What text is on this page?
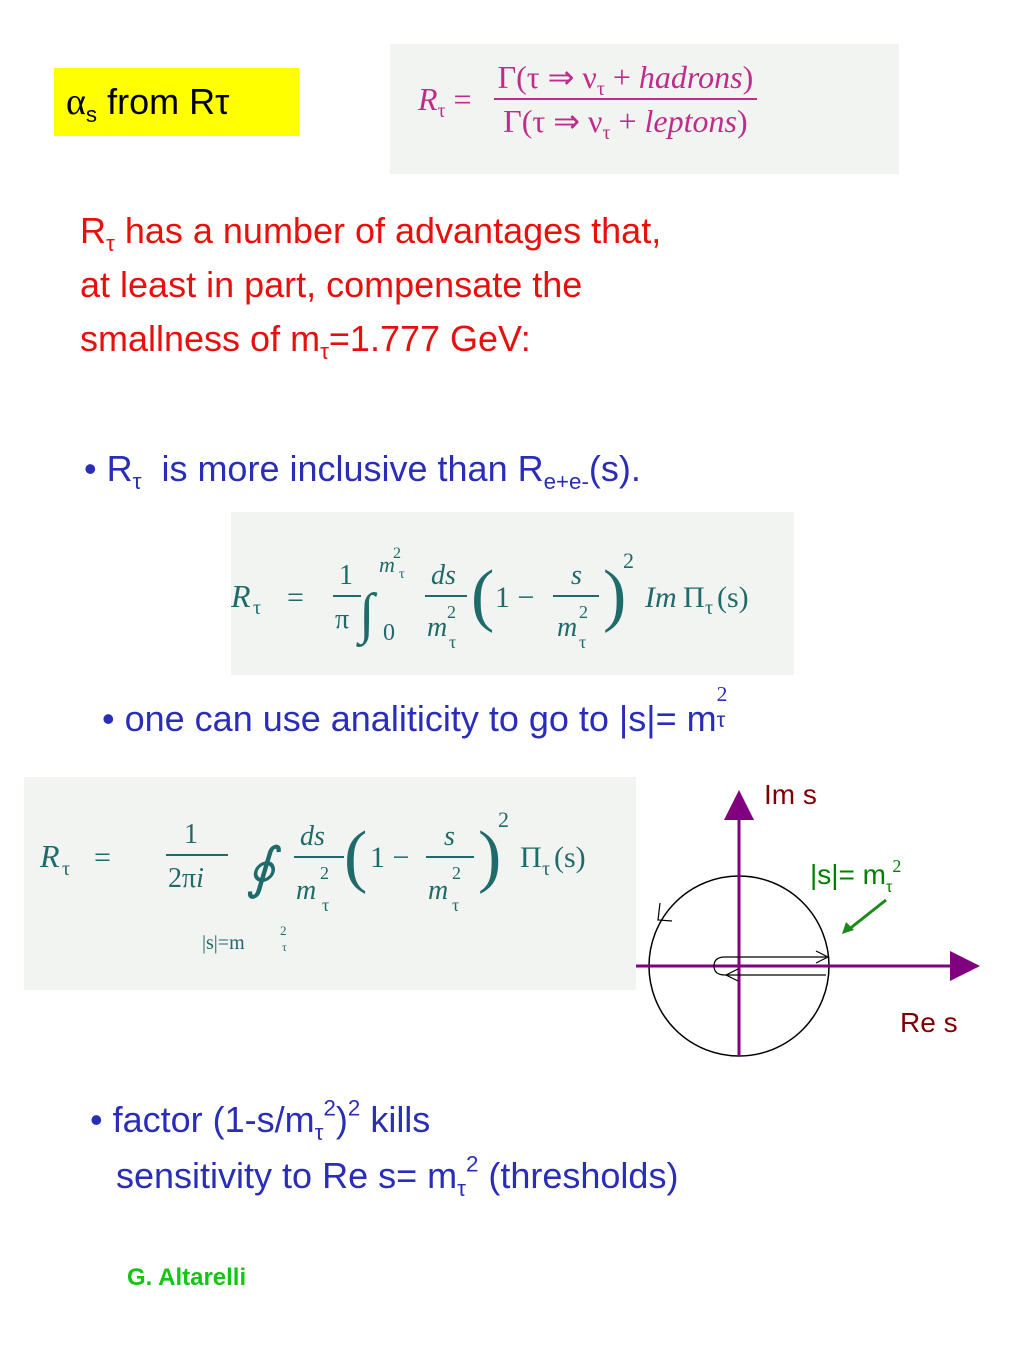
$\alpha_s$ from Rτ	$R_\tau = \frac{\Gamma(\tau \Rightarrow \nu_\tau + hadrons)}{\Gamma(\tau \Rightarrow \nu_\tau + leptons)}$
$R_\tau$ has a number of advantages that,
at least in part, compensate the
smallness of $m_\tau=1.777$ GeV:
• $R_\tau$  is more inclusive than $R_{e+e-}(s)$.
R τ =
1
π ∫ 0
m τ
2
ds
m 2
τ
( 1 −
s
m 2
τ
)
2
Im Π τ (s)
• one can use analiticity to go to |s|= m
2
τ
R τ =
1
2πi ∮
|s|=m
2
τ
ds
m
2
τ
( 1 −
s
m
2
τ
)
2
Π τ (s)
Im s
Re s
$|s|= m_\tau^2$
• factor $(1-s/m_\tau^2)^2$ kills
sensitivity to Re $s= m_\tau^2$ (thresholds)
G. Altarelli
